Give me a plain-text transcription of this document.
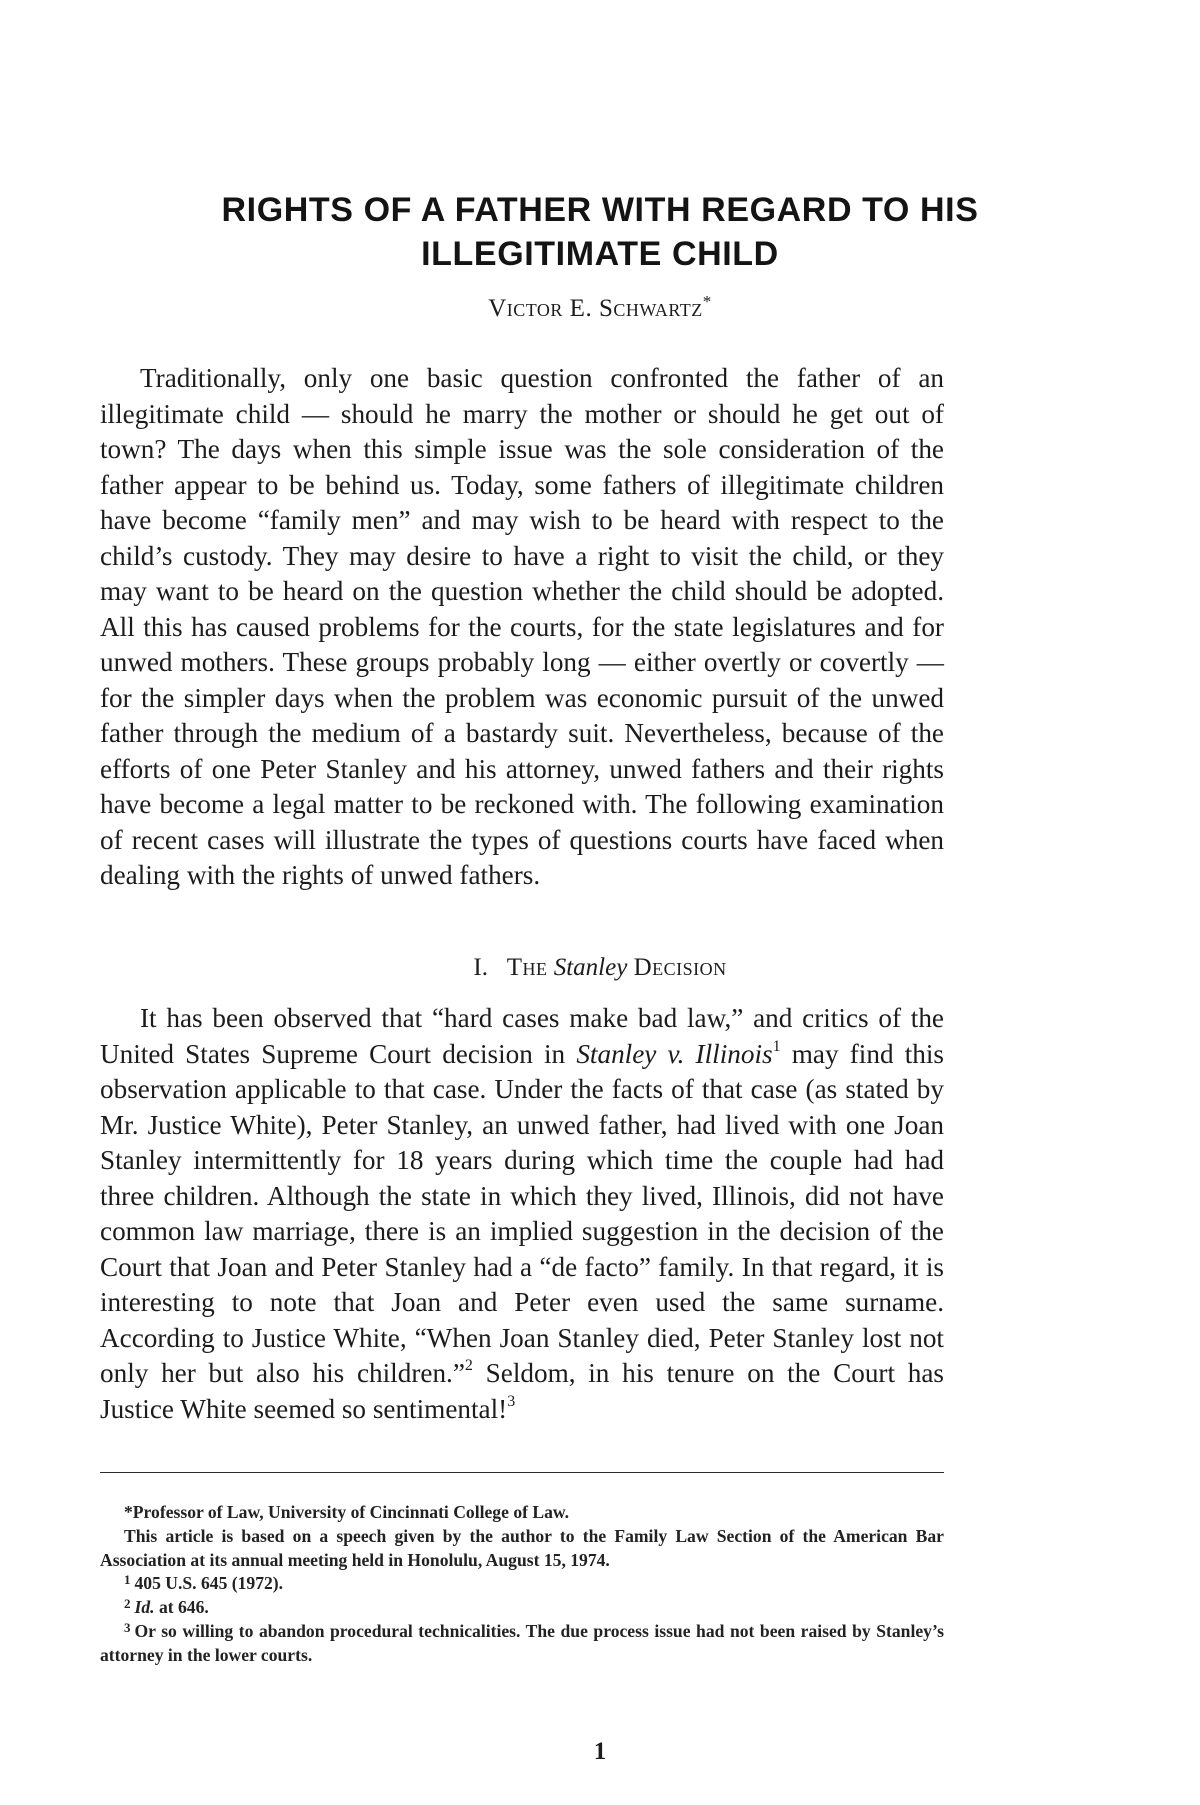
RIGHTS OF A FATHER WITH REGARD TO HIS
ILLEGITIMATE CHILD
Victor E. Schwartz*

Traditionally, only one basic question confronted the father of an illegitimate child — should he marry the mother or should he get out of town? The days when this simple issue was the sole consideration of the father appear to be behind us. Today, some fathers of illegitimate children have become “family men” and may wish to be heard with respect to the child’s custody. They may desire to have a right to visit the child, or they may want to be heard on the question whether the child should be adopted. All this has caused problems for the courts, for the state legislatures and for unwed mothers. These groups probably long — either overtly or covertly — for the simpler days when the problem was economic pursuit of the unwed father through the medium of a bastardy suit. Nevertheless, because of the efforts of one Peter Stanley and his attorney, unwed fathers and their rights have become a legal matter to be reckoned with. The following examination of recent cases will illustrate the types of questions courts have faced when dealing with the rights of unwed fathers.

I. The Stanley Decision

It has been observed that “hard cases make bad law,” and critics of the United States Supreme Court decision in Stanley v. Illinois$^1$ may find this observation applicable to that case. Under the facts of that case (as stated by Mr. Justice White), Peter Stanley, an unwed father, had lived with one Joan Stanley intermittently for 18 years during which time the couple had had three children. Although the state in which they lived, Illinois, did not have common law marriage, there is an implied suggestion in the decision of the Court that Joan and Peter Stanley had a “de facto” family. In that regard, it is interesting to note that Joan and Peter even used the same surname. According to Justice White, “When Joan Stanley died, Peter Stanley lost not only her but also his children.”$^2$ Seldom, in his tenure on the Court has Justice White seemed so sentimental!$^3$

*Professor of Law, University of Cincinnati College of Law.

This article is based on a speech given by the author to the Family Law Section of the American Bar Association at its annual meeting held in Honolulu, August 15, 1974.

$^1$ 405 U.S. 645 (1972).

$^2$ Id. at 646.

$^3$ Or so willing to abandon procedural technicalities. The due process issue had not been raised by Stanley’s attorney in the lower courts.

1
